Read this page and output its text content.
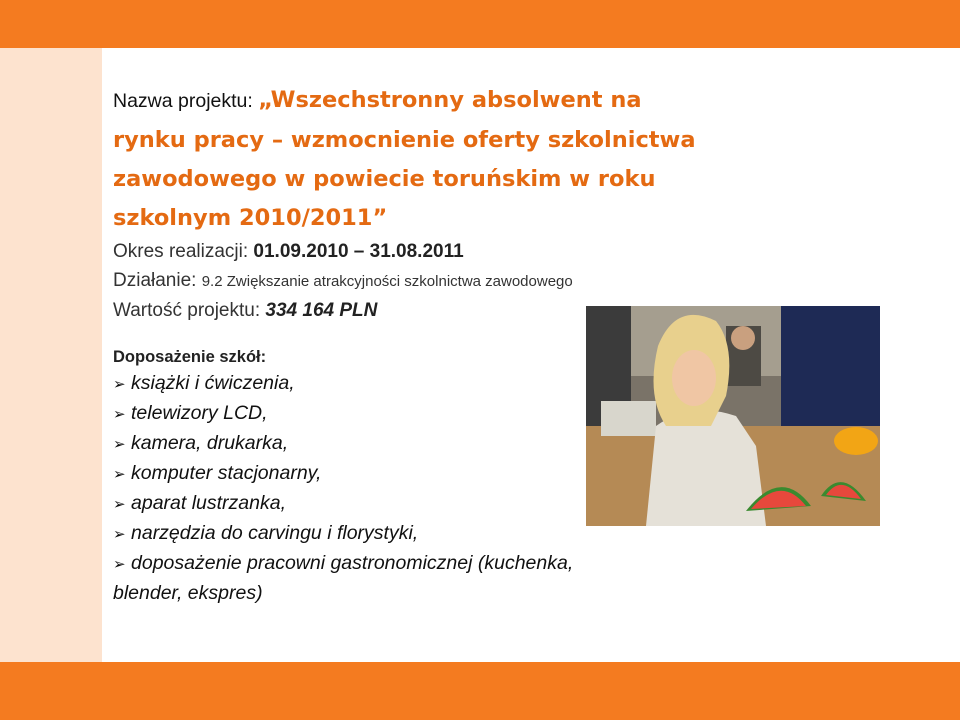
Nazwa projektu: „Wszechstronny absolwent na
rynku pracy – wzmocnienie oferty szkolnictwa
zawodowego w powiecie toruńskim w roku
szkolnym 2010/2011”

Okres realizacji: 01.09.2010 – 31.08.2011

Działanie: 9.2 Zwiększanie atrakcyjności szkolnictwa zawodowego

Wartość projektu: 334 164 PLN

Doposażenie szkół:
➢ książki i ćwiczenia,
➢ telewizory LCD,
➢ kamera, drukarka,
➢ komputer stacjonarny,
➢ aparat lustrzanka,
➢ narzędzia do carvingu i florystyki,
➢ doposażenie pracowni gastronomicznej (kuchenka,
blender, ekspres)
